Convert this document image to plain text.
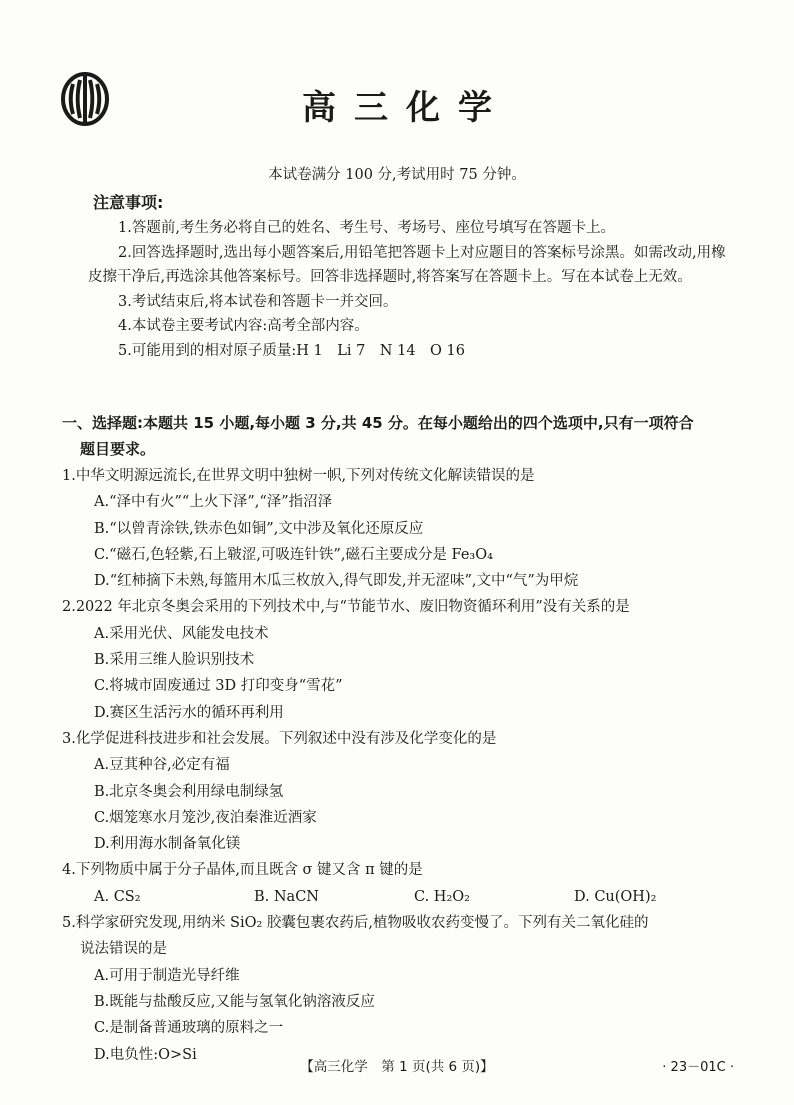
高三化学
本试卷满分 100 分,考试用时 75 分钟。
注意事项:

1.答题前,考生务必将自己的姓名、考生号、考场号、座位号填写在答题卡上。

2.回答选择题时,选出每小题答案后,用铅笔把答题卡上对应题目的答案标号涂黑。如需改动,用橡皮擦干净后,再选涂其他答案标号。回答非选择题时,将答案写在答题卡上。写在本试卷上无效。

3.考试结束后,将本试卷和答题卡一并交回。

4.本试卷主要考试内容:高考全部内容。

5.可能用到的相对原子质量:H 1　Li 7　N 14　O 16

一、选择题:本题共 15 小题,每小题 3 分,共 45 分。在每小题给出的四个选项中,只有一项符合
题目要求。

1.中华文明源远流长,在世界文明中独树一帜,下列对传统文化解读错误的是

A.“泽中有火”“上火下泽”,“泽”指沼泽

B.“以曾青涂铁,铁赤色如铜”,文中涉及氧化还原反应

C.“磁石,色轻紫,石上皲涩,可吸连针铁”,磁石主要成分是 Fe₃O₄

D.“红柿摘下未熟,每篮用木瓜三枚放入,得气即发,并无涩味”,文中“气”为甲烷

2.2022 年北京冬奥会采用的下列技术中,与“节能节水、废旧物资循环利用”没有关系的是

A.采用光伏、风能发电技术

B.采用三维人脸识别技术

C.将城市固废通过 3D 打印变身“雪花”

D.赛区生活污水的循环再利用

3.化学促进科技进步和社会发展。下列叙述中没有涉及化学变化的是

A.豆萁种谷,必定有福

B.北京冬奥会利用绿电制绿氢

C.烟笼寒水月笼沙,夜泊秦淮近酒家

D.利用海水制备氧化镁

4.下列物质中属于分子晶体,而且既含 σ 键又含 π 键的是

A. CS₂	B. NaCN	C. H₂O₂	D. Cu(OH)₂

5.科学家研究发现,用纳米 SiO₂ 胶囊包裹农药后,植物吸收农药变慢了。下列有关二氧化硅的

说法错误的是

A.可用于制造光导纤维

B.既能与盐酸反应,又能与氢氧化钠溶液反应

C.是制备普通玻璃的原料之一

D.电负性:O>Si

【高三化学　第 1 页(共 6 页)】	· 23－01C ·
